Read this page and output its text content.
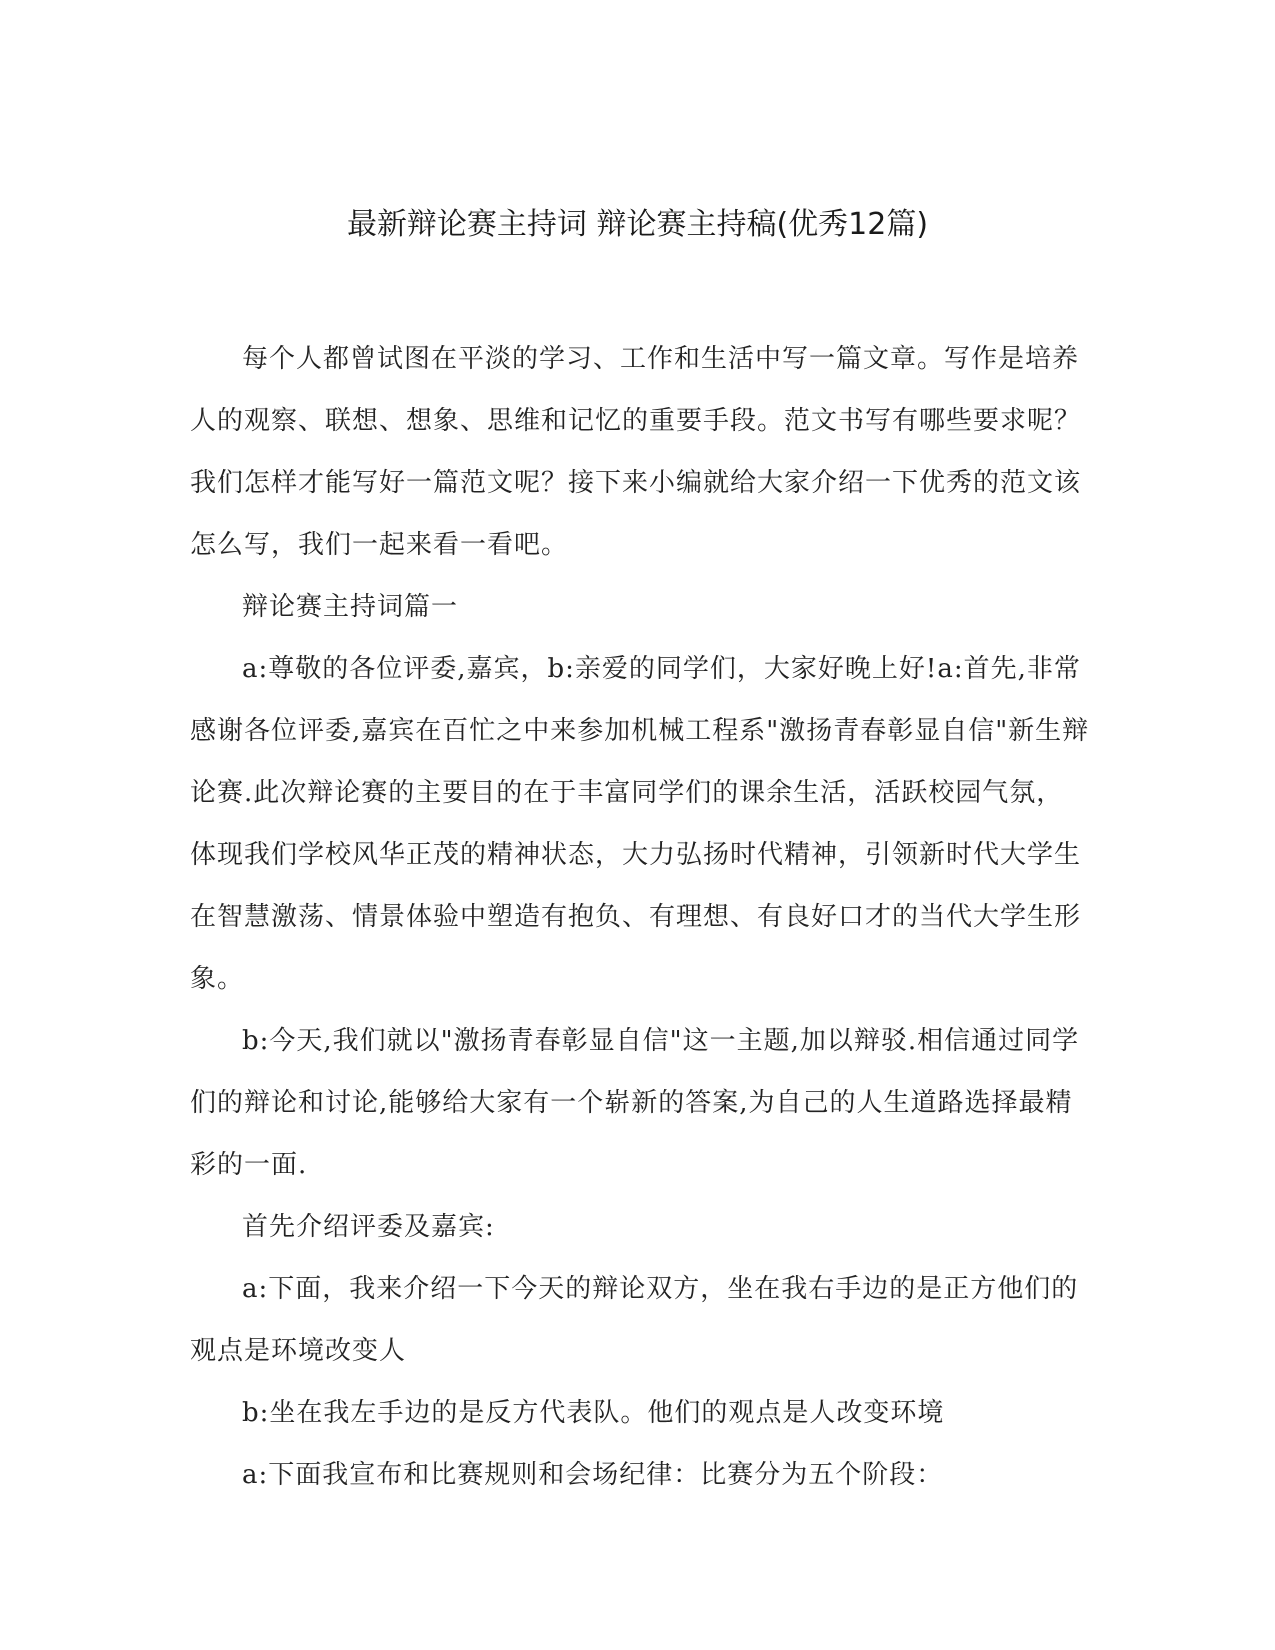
最新辩论赛主持词 辩论赛主持稿(优秀12篇)

每个人都曾试图在平淡的学习、工作和生活中写一篇文章。写作是培养人的观察、联想、想象、思维和记忆的重要手段。范文书写有哪些要求呢？我们怎样才能写好一篇范文呢？接下来小编就给大家介绍一下优秀的范文该怎么写，我们一起来看一看吧。

辩论赛主持词篇一

a:尊敬的各位评委,嘉宾，b:亲爱的同学们，大家好晚上好!a:首先,非常感谢各位评委,嘉宾在百忙之中来参加机械工程系"激扬青春彰显自信"新生辩论赛.此次辩论赛的主要目的在于丰富同学们的课余生活，活跃校园气氛，体现我们学校风华正茂的精神状态，大力弘扬时代精神，引领新时代大学生在智慧激荡、情景体验中塑造有抱负、有理想、有良好口才的当代大学生形象。

b:今天,我们就以"激扬青春彰显自信"这一主题,加以辩驳.相信通过同学们的辩论和讨论,能够给大家有一个崭新的答案,为自己的人生道路选择最精彩的一面.

首先介绍评委及嘉宾:

a:下面，我来介绍一下今天的辩论双方，坐在我右手边的是正方他们的观点是环境改变人

b:坐在我左手边的是反方代表队。他们的观点是人改变环境

a:下面我宣布和比赛规则和会场纪律：比赛分为五个阶段：
